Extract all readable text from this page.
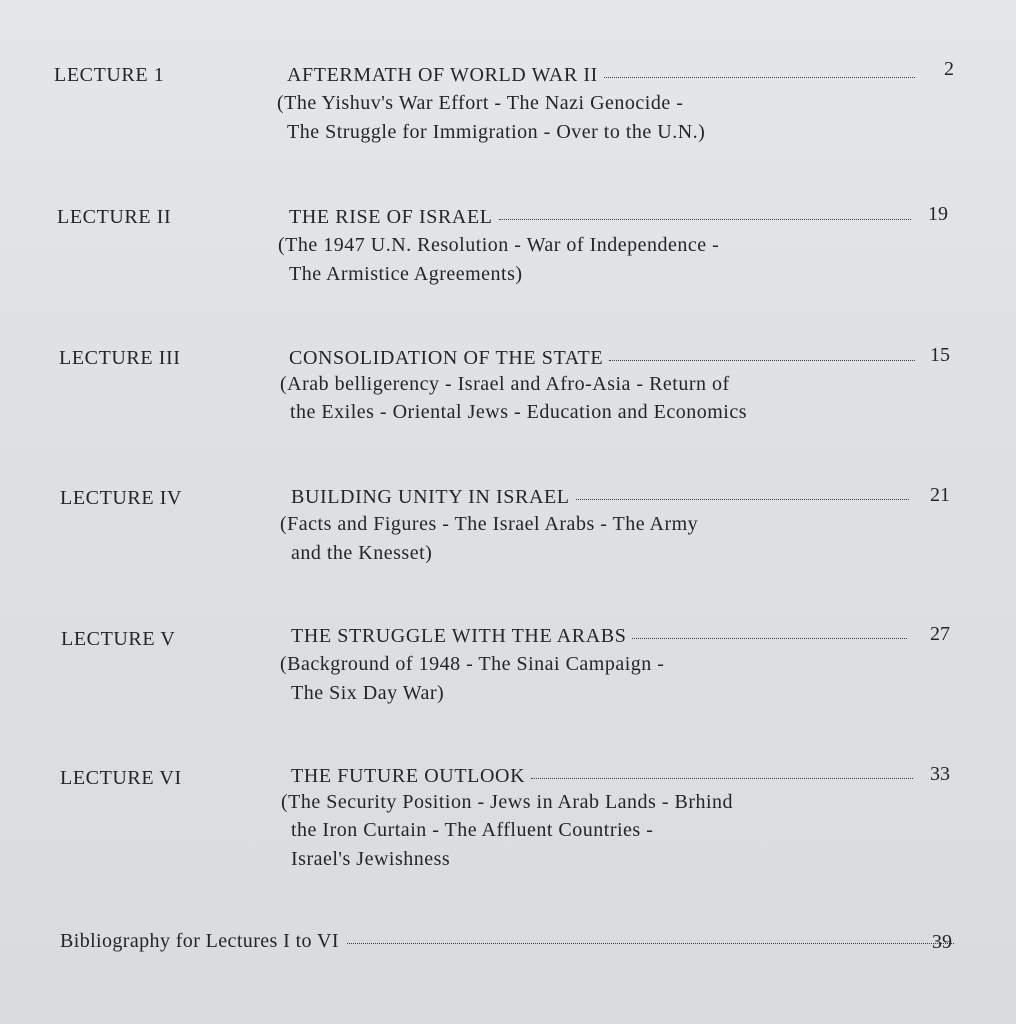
LECTURE 1	AFTERMATH OF WORLD WAR II	2
(The Yishuv's War Effort - The Nazi Genocide -
The Struggle for Immigration - Over to the U.N.)
LECTURE II	THE RISE OF ISRAEL	19
(The 1947 U.N. Resolution - War of Independence -
The Armistice Agreements)
LECTURE III	CONSOLIDATION OF THE STATE	15
(Arab belligerency - Israel and Afro-Asia - Return of
the Exiles - Oriental Jews - Education and Economics
LECTURE IV	BUILDING UNITY IN ISRAEL	21
(Facts and Figures - The Israel Arabs - The Army
and the Knesset)
LECTURE V	THE STRUGGLE WITH THE ARABS	27
(Background of 1948 - The Sinai Campaign -
The Six Day War)
LECTURE VI	THE FUTURE OUTLOOK	33
(The Security Position - Jews in Arab Lands - Brhind
the Iron Curtain - The Affluent Countries -
Israel's Jewishness
Bibliography for Lectures I to VI	39
